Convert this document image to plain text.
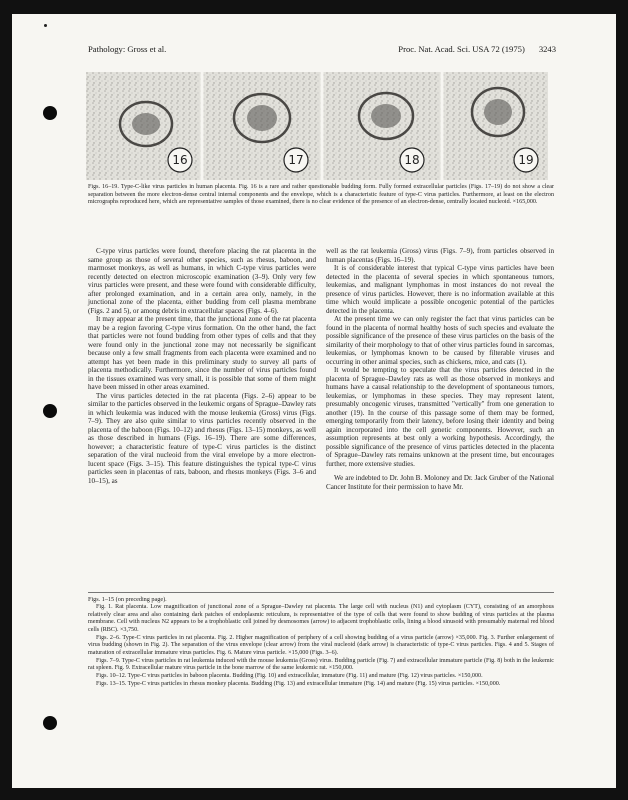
Pathology: Gross et al.	Proc. Nat. Acad. Sci. USA 72 (1975) 3243
16	17	18	19
Figs. 16–19. Type-C-like virus particles in human placenta. Fig. 16 is a rare and rather questionable budding form. Fully formed extracellular particles (Figs. 17–19) do not show a clear separation between the more electron-dense central internal components and the envelope, which is a characteristic feature of type-C virus particles. Furthermore, at least on the electron micrographs reproduced here, which are representative samples of those examined, there is no clear evidence of the presence of an electron-dense, centrally located nucleoid. ×165,000.

C-type virus particles were found, therefore placing the rat placenta in the same group as those of several other species, such as rhesus, baboon, and marmoset monkeys, as well as humans, in which C-type virus particles were recently detected on electron microscopic examination (3–9). Only very few virus particles were present, and these were found with considerable difficulty, after prolonged examination, and in a certain area only, namely, in the junctional zone of the placenta, either budding from cell plasma membrane (Figs. 2 and 5), or among debris in extracellular spaces (Figs. 4–6).

It may appear at the present time, that the junctional zone of the rat placenta may be a region favoring C-type virus formation. On the other hand, the fact that particles were not found budding from other types of cells and that they were found only in the junctional zone may not necessarily be significant because only a few small fragments from each placenta were examined and no attempt has yet been made in this preliminary study to survey all parts of placenta methodically. Furthermore, since the number of virus particles found in the tissues examined was very small, it is possible that some of them might have been missed in other areas examined.

The virus particles detected in the rat placenta (Figs. 2–6) appear to be similar to the particles observed in the leukemic organs of Sprague–Dawley rats in which leukemia was induced with the mouse leukemia (Gross) virus (Figs. 7–9). They are also quite similar to virus particles recently observed in the placenta of the baboon (Figs. 10–12) and rhesus (Figs. 13–15) monkeys, as well as those described in humans (Figs. 16–19). There are some differences, however; a characteristic feature of type-C virus particles is the distinct separation of the viral nucleoid from the viral envelope by a more electron-lucent space (Figs. 3–15). This feature distinguishes the typical type-C virus particles seen in placentas of rats, baboon, and rhesus monkeys (Figs. 3–6 and 10–15), as

well as the rat leukemia (Gross) virus (Figs. 7–9), from particles observed in human placentas (Figs. 16–19).

It is of considerable interest that typical C-type virus particles have been detected in the placenta of several species in which spontaneous tumors, leukemias, and malignant lymphomas in most instances do not reveal the presence of virus particles. However, there is no information available at this time which would implicate a possible oncogenic potential of the particles detected in the placenta.

At the present time we can only register the fact that virus particles can be found in the placenta of normal healthy hosts of such species and evaluate the possible significance of the presence of these virus particles on the basis of the similarity of their morphology to that of other virus particles found in sarcomas, leukemias, or lymphomas known to be caused by filterable viruses and occurring in other animal species, such as chickens, mice, and cats (1).

It would be tempting to speculate that the virus particles detected in the placenta of Sprague–Dawley rats as well as those observed in monkeys and humans have a causal relationship to the development of spontaneous tumors, leukemias, or lymphomas in these species. They may represent latent, presumably oncogenic viruses, transmitted "vertically" from one generation to another (19). In the course of this passage some of them may be formed, emerging temporarily from their latency, before losing their identity and being again incorporated into the cell genetic components. However, such an assumption represents at best only a working hypothesis. Accordingly, the possible significance of the presence of virus particles detected in the placenta of Sprague–Dawley rats remains unknown at the present time, but encourages further, more extensive studies.

We are indebted to Dr. John B. Moloney and Dr. Jack Gruber of the National Cancer Institute for their permission to have Mr.

Figs. 1–15 (on preceding page).

Fig. 1. Rat placenta. Low magnification of junctional zone of a Sprague–Dawley rat placenta. The large cell with nucleus (N1) and cytoplasm (CYT), consisting of an amorphous relatively clear area and also containing dark patches of endoplasmic reticulum, is representative of the type of cells that were found to show budding of virus particles at the plasma membrane. Cell with nucleus N2 appears to be a trophoblastic cell joined by desmosomes (arrow) to adjacent trophoblastic cells, lining a blood sinusoid with presumably maternal red blood cells (RBC). ×3,750.

Figs. 2–6. Type-C virus particles in rat placenta. Fig. 2. Higher magnification of periphery of a cell showing budding of a virus particle (arrow) ×35,000. Fig. 3. Further enlargement of virus budding (shown in Fig. 2). The separation of the virus envelope (clear arrow) from the viral nucleoid (dark arrow) is characteristic of type-C virus particles. Figs. 4 and 5. Stages of maturation of extracellular immature virus particles. Fig. 6. Mature virus particle. ×15,000 (Figs. 3–6).

Figs. 7–9. Type-C virus particles in rat leukemia induced with the mouse leukemia (Gross) virus. Budding particle (Fig. 7) and extracellular immature particle (Fig. 8) both in the leukemic rat spleen. Fig. 9. Extracellular mature virus particle in the bone marrow of the same leukemic rat. ×150,000.

Figs. 10–12. Type-C virus particles in baboon placenta. Budding (Fig. 10) and extracellular, immature (Fig. 11) and mature (Fig. 12) virus particles. ×150,000.

Figs. 13–15. Type-C virus particles in rhesus monkey placenta. Budding (Fig. 13) and extracellular immature (Fig. 14) and mature (Fig. 15) virus particles. ×150,000.
